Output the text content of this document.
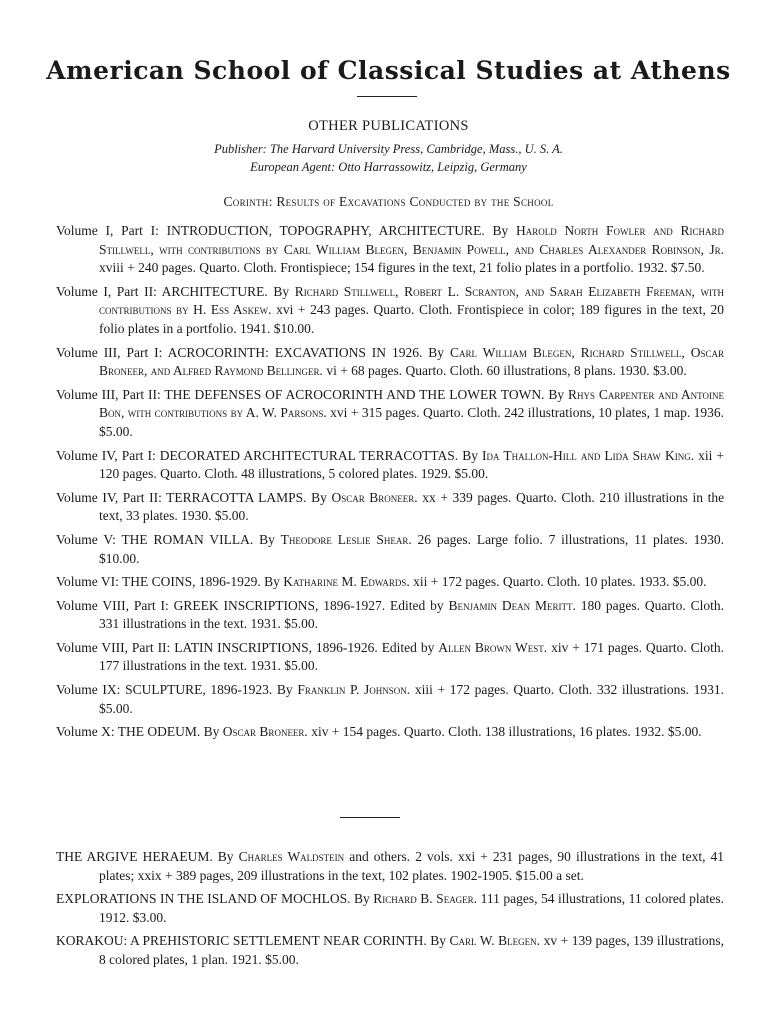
American School of Classical Studies at Athens
OTHER PUBLICATIONS
Publisher: The Harvard University Press, Cambridge, Mass., U. S. A.
European Agent: Otto Harrassowitz, Leipzig, Germany
Corinth: Results of Excavations Conducted by the School
Volume I, Part I: INTRODUCTION, TOPOGRAPHY, ARCHITECTURE. By Harold North Fowler and Richard Stillwell, with contributions by Carl William Blegen, Benjamin Powell, and Charles Alexander Robinson, Jr. xviii + 240 pages. Quarto. Cloth. Frontispiece; 154 figures in the text, 21 folio plates in a portfolio. 1932. $7.50.
Volume I, Part II: ARCHITECTURE. By Richard Stillwell, Robert L. Scranton, and Sarah Elizabeth Freeman, with contributions by H. Ess Askew. xvi + 243 pages. Quarto. Cloth. Frontispiece in color; 189 figures in the text, 20 folio plates in a portfolio. 1941. $10.00.
Volume III, Part I: ACROCORINTH: EXCAVATIONS IN 1926. By Carl William Blegen, Richard Stillwell, Oscar Broneer, and Alfred Raymond Bellinger. vi + 68 pages. Quarto. Cloth. 60 illustrations, 8 plans. 1930. $3.00.
Volume III, Part II: THE DEFENSES OF ACROCORINTH AND THE LOWER TOWN. By Rhys Carpenter and Antoine Bon, with contributions by A. W. Parsons. xvi + 315 pages. Quarto. Cloth. 242 illustrations, 10 plates, 1 map. 1936. $5.00.
Volume IV, Part I: DECORATED ARCHITECTURAL TERRACOTTAS. By Ida Thallon-Hill and Lida Shaw King. xii + 120 pages. Quarto. Cloth. 48 illustrations, 5 colored plates. 1929. $5.00.
Volume IV, Part II: TERRACOTTA LAMPS. By Oscar Broneer. xx + 339 pages. Quarto. Cloth. 210 illustrations in the text, 33 plates. 1930. $5.00.
Volume V: THE ROMAN VILLA. By Theodore Leslie Shear. 26 pages. Large folio. 7 illustrations, 11 plates. 1930. $10.00.
Volume VI: THE COINS, 1896-1929. By Katharine M. Edwards. xii + 172 pages. Quarto. Cloth. 10 plates. 1933. $5.00.
Volume VIII, Part I: GREEK INSCRIPTIONS, 1896-1927. Edited by Benjamin Dean Meritt. 180 pages. Quarto. Cloth. 331 illustrations in the text. 1931. $5.00.
Volume VIII, Part II: LATIN INSCRIPTIONS, 1896-1926. Edited by Allen Brown West. xiv + 171 pages. Quarto. Cloth. 177 illustrations in the text. 1931. $5.00.
Volume IX: SCULPTURE, 1896-1923. By Franklin P. Johnson. xiii + 172 pages. Quarto. Cloth. 332 illustrations. 1931. $5.00.
Volume X: THE ODEUM. By Oscar Broneer. xiv + 154 pages. Quarto. Cloth. 138 illustrations, 16 plates. 1932. $5.00.
THE ARGIVE HERAEUM. By Charles Waldstein and others. 2 vols. xxi + 231 pages, 90 illustrations in the text, 41 plates; xxix + 389 pages, 209 illustrations in the text, 102 plates. 1902-1905. $15.00 a set.
EXPLORATIONS IN THE ISLAND OF MOCHLOS. By Richard B. Seager. 111 pages, 54 illustrations, 11 colored plates. 1912. $3.00.
KORAKOU: A PREHISTORIC SETTLEMENT NEAR CORINTH. By Carl W. Blegen. xv + 139 pages, 139 illustrations, 8 colored plates, 1 plan. 1921. $5.00.
